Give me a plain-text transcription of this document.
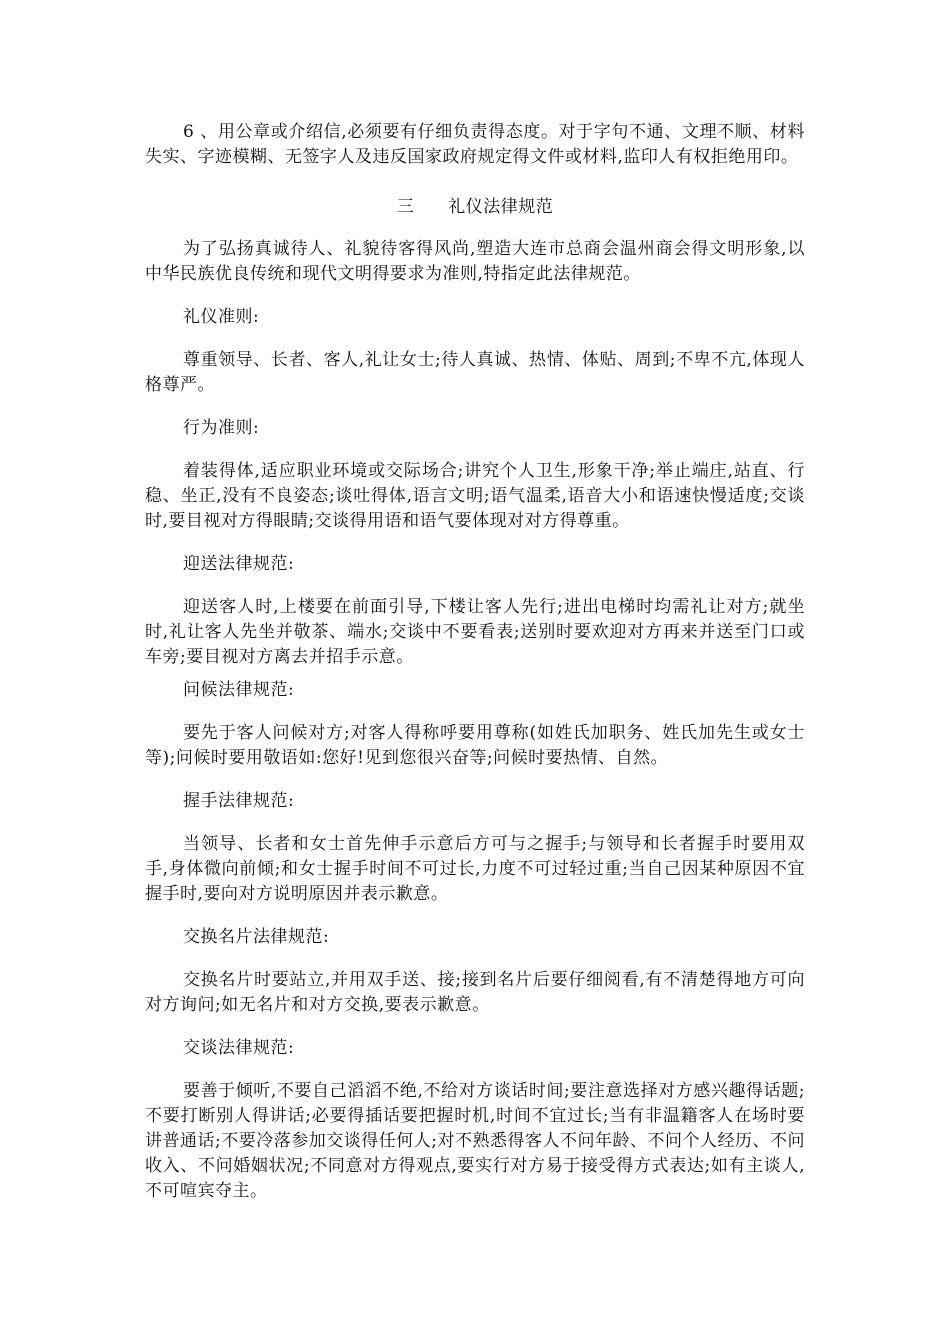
6 、用公章或介绍信,必须要有仔细负责得态度。对于字句不通、文理不顺、材料失实、字迹模糊、无签字人及违反国家政府规定得文件或材料,监印人有权拒绝用印。

三 礼仪法律规范

为了弘扬真诚待人、礼貌待客得风尚,塑造大连市总商会温州商会得文明形象,以中华民族优良传统和现代文明得要求为准则,特指定此法律规范。

礼仪准则:

尊重领导、长者、客人,礼让女士;待人真诚、热情、体贴、周到;不卑不亢,体现人格尊严。

行为准则:

着装得体,适应职业环境或交际场合;讲究个人卫生,形象干净;举止端庄,站直、行稳、坐正,没有不良姿态;谈吐得体,语言文明;语气温柔,语音大小和语速快慢适度;交谈时,要目视对方得眼睛;交谈得用语和语气要体现对对方得尊重。

迎送法律规范:

迎送客人时,上楼要在前面引导,下楼让客人先行;进出电梯时均需礼让对方;就坐时,礼让客人先坐并敬茶、端水;交谈中不要看表;送别时要欢迎对方再来并送至门口或车旁;要目视对方离去并招手示意。

问候法律规范:

要先于客人问候对方;对客人得称呼要用尊称(如姓氏加职务、姓氏加先生或女士等);问候时要用敬语如:您好!见到您很兴奋等;问候时要热情、自然。

握手法律规范:

当领导、长者和女士首先伸手示意后方可与之握手;与领导和长者握手时要用双手,身体微向前倾;和女士握手时间不可过长,力度不可过轻过重;当自己因某种原因不宜握手时,要向对方说明原因并表示歉意。

交换名片法律规范:

交换名片时要站立,并用双手送、接;接到名片后要仔细阅看,有不清楚得地方可向对方询问;如无名片和对方交换,要表示歉意。

交谈法律规范:

要善于倾听,不要自己滔滔不绝,不给对方谈话时间;要注意选择对方感兴趣得话题;不要打断别人得讲话;必要得插话要把握时机,时间不宜过长;当有非温籍客人在场时要讲普通话;不要冷落参加交谈得任何人;对不熟悉得客人不问年龄、不问个人经历、不问收入、不问婚姻状况;不同意对方得观点,要实行对方易于接受得方式表达;如有主谈人,不可喧宾夺主。
